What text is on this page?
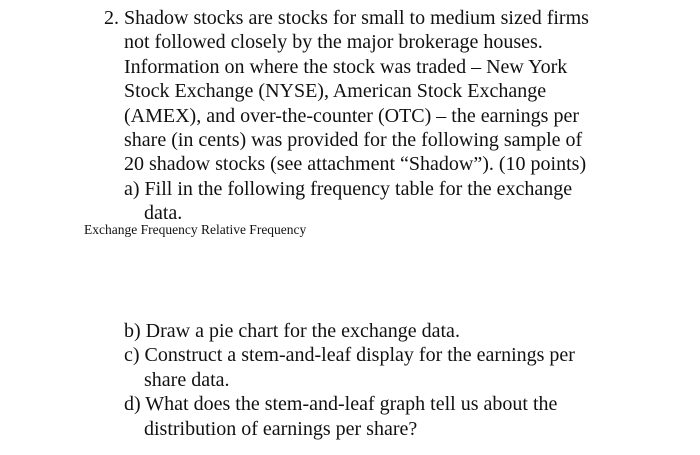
2. Shadow stocks are stocks for small to medium sized firms
not followed closely by the major brokerage houses.
Information on where the stock was traded – New York
Stock Exchange (NYSE), American Stock Exchange
(AMEX), and over-the-counter (OTC) – the earnings per
share (in cents) was provided for the following sample of
20 shadow stocks (see attachment “Shadow”). (10 points)
a) Fill in the following frequency table for the exchange
data.
Exchange Frequency Relative Frequency
b) Draw a pie chart for the exchange data.
c) Construct a stem-and-leaf display for the earnings per
share data.
d) What does the stem-and-leaf graph tell us about the
distribution of earnings per share?
